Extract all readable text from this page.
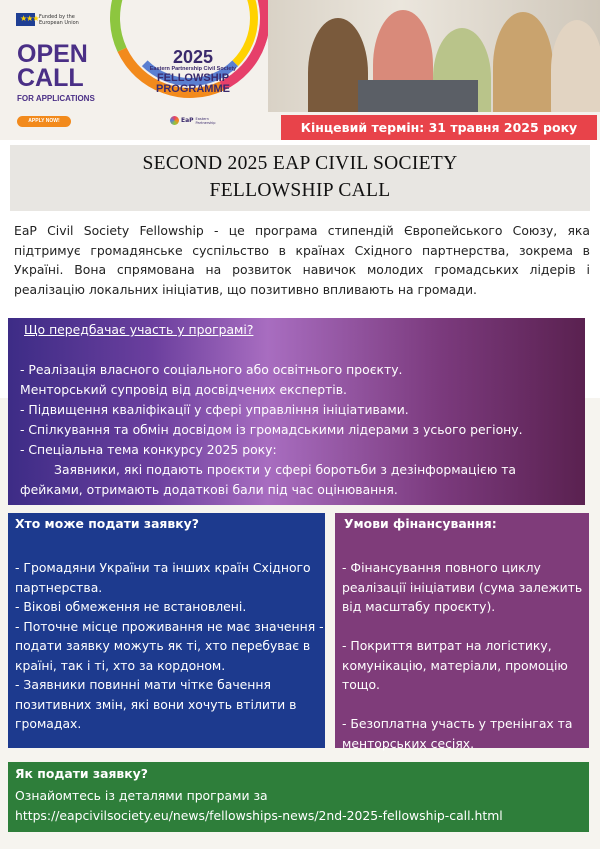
★★★ Funded by the European Union
OPEN
CALL
FOR APPLICATIONS
APPLY NOW!
2025
Eastern Partnership Civil Society
FELLOWSHIP
PROGRAMME
EaP Eastern Partnership	Кінцевий термін: 31 травня 2025 року
SECOND 2025 EAP CIVIL SOCIETY
FELLOWSHIP CALL
EaP Civil Society Fellowship - це програма стипендій Європейського Союзу, яка підтримує громадянське суспільство в країнах Східного партнерства, зокрема в Україні. Вона спрямована на розвиток навичок молодих громадських лідерів і реалізацію локальних ініціатив, що позитивно впливають на громади.
Що передбачає участь у програмі?
- Реалізація власного соціального або освітнього проєкту.
Менторський супровід від досвідчених експертів.
- Підвищення кваліфікації у сфері управління ініціативами.
- Спілкування та обмін досвідом із громадськими лідерами з усього регіону.
- Спеціальна тема конкурсу 2025 року:
Заявники, які подають проєкти у сфері боротьби з дезінформацією та
фейками, отримають додаткові бали під час оцінювання.
Хто може подати заявку?
- Громадяни України та інших країн Східного партнерства.
- Вікові обмеження не встановлені.
- Поточне місце проживання не має значення - подати заявку можуть як ті, хто перебуває в країні, так і ті, хто за кордоном.
- Заявники повинні мати чітке бачення позитивних змін, які вони хочуть втілити в громадах.
Умови фінансування:
- Фінансування повного циклу реалізації ініціативи (сума залежить від масштабу проєкту).
- Покриття витрат на логістику, комунікацію, матеріали, промоцію тощо.
- Безоплатна участь у тренінгах та менторських сесіях.
Як подати заявку?
Ознайомтесь із деталями програми за
https://eapcivilsociety.eu/news/fellowships-news/2nd-2025-fellowship-call.html
